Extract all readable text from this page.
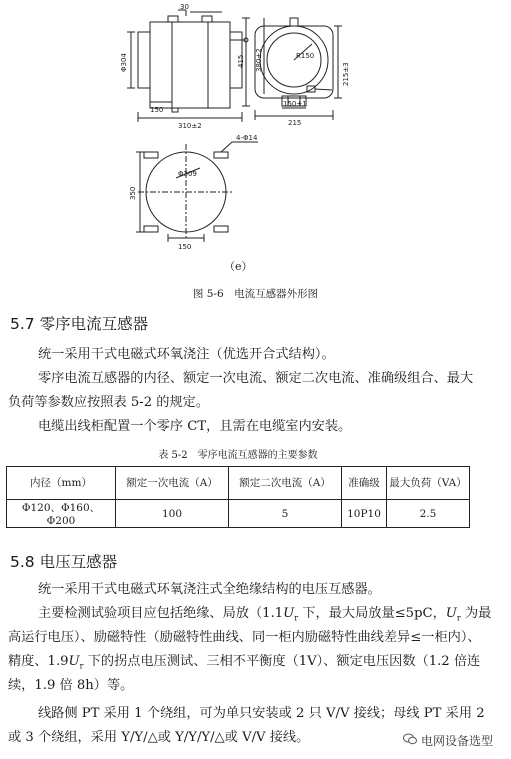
30
Φ304
150
310±2
415 380±2
215±3
150±1
215
R150
4-Φ14
Φ309
350
150
（e）
图 5-6　电流互感器外形图
5.7 零序电流互感器
统一采用干式电磁式环氧浇注（优选开合式结构）。
零序电流互感器的内径、额定一次电流、额定二次电流、准确级组合、最大
负荷等参数应按照表 5-2 的规定。
电缆出线柜配置一个零序 CT，且需在电缆室内安装。
表 5-2　零序电流互感器的主要参数
内径（mm）	额定一次电流（A）	额定二次电流（A）	准确级	最大负荷（VA）
Φ120、Φ160、Φ200	100	5	10P10	2.5
5.8 电压互感器
统一采用干式电磁式环氧浇注式全绝缘结构的电压互感器。
主要检测试验项目应包括绝缘、局放（$1.1U_r$ 下，最大局放量≤5pC，$U_r$ 为最
高运行电压）、励磁特性（励磁特性曲线、同一柜内励磁特性曲线差异≤一柜内）、
精度、$1.9U_r$ 下的拐点电压测试、三相不平衡度（1V）、额定电压因数（1.2 倍连
续，1.9 倍 8h）等。
线路侧 PT 采用 1 个绕组，可为单只安装或 2 只 V/V 接线；母线 PT 采用 2
或 3 个绕组，采用 Y/Y/△或 Y/Y/Y/△或 V/V 接线。	电网设备选型
